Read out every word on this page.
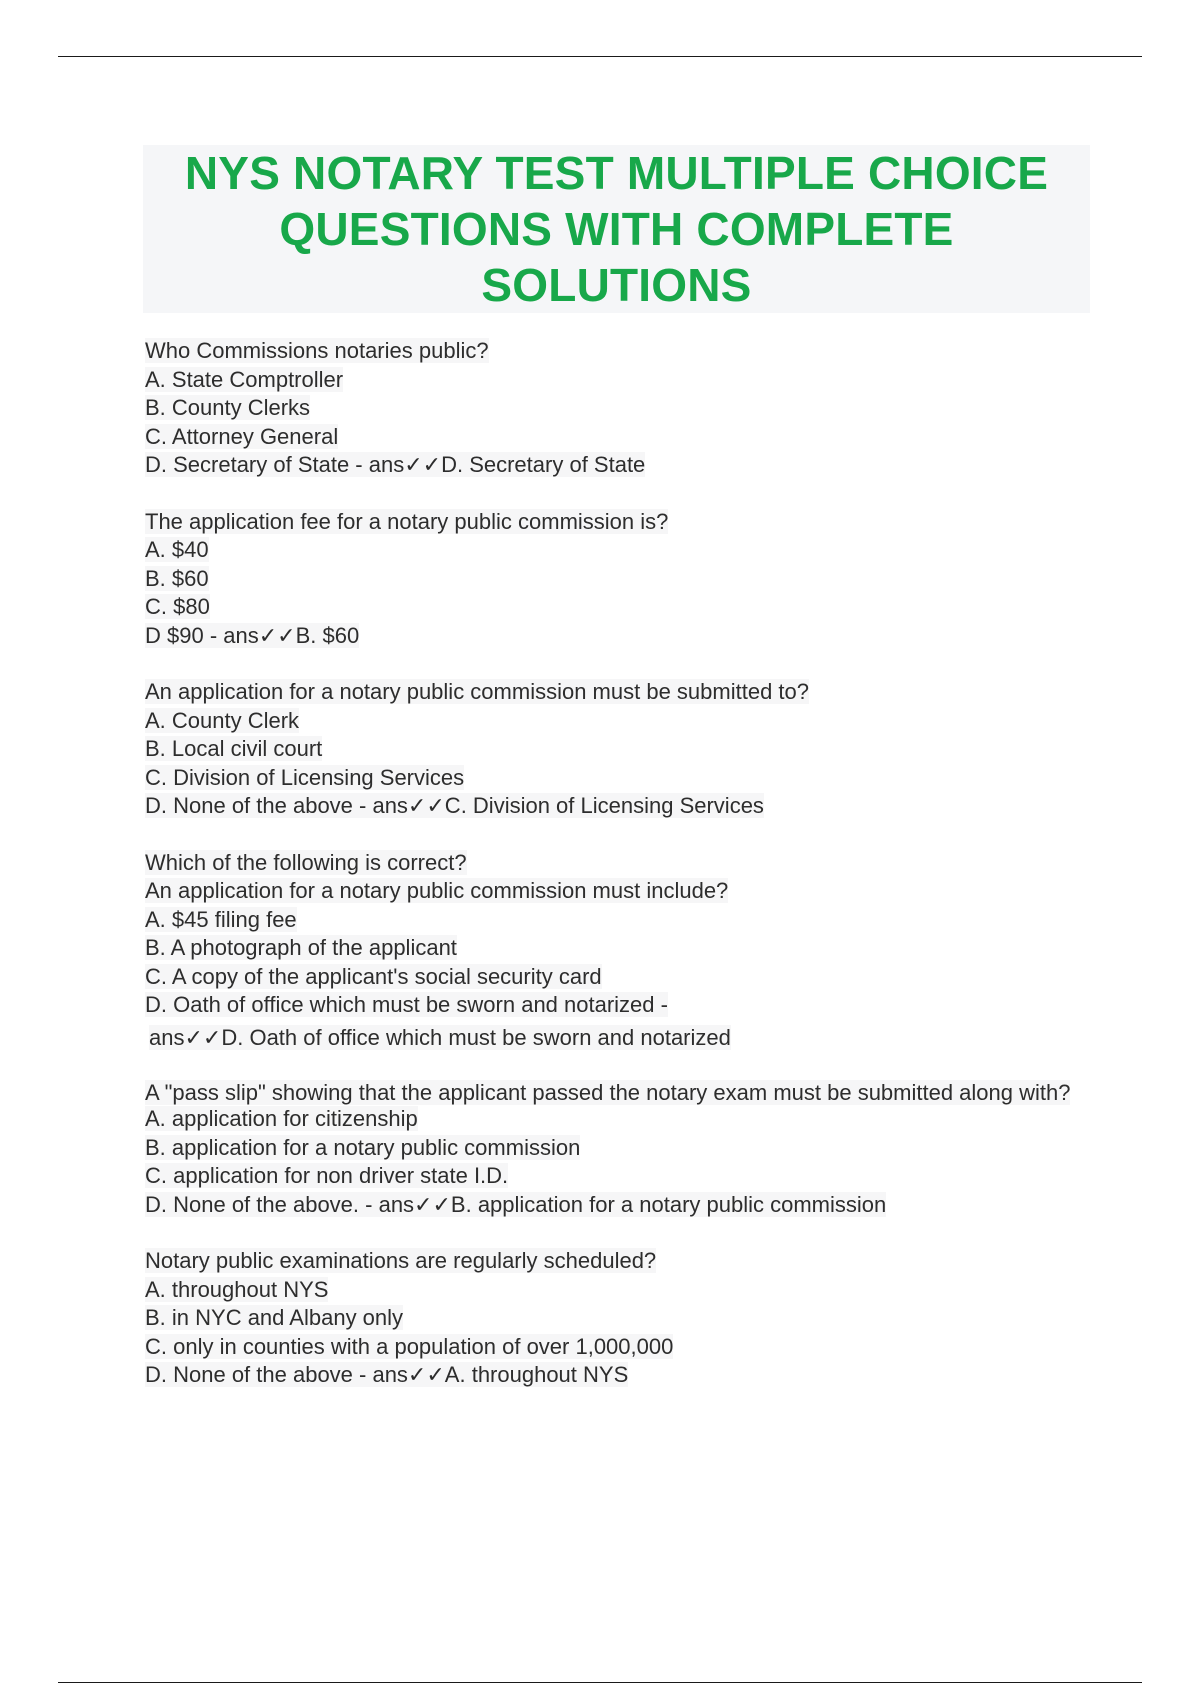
NYS NOTARY TEST MULTIPLE CHOICE
QUESTIONS WITH COMPLETE
SOLUTIONS
Who Commissions notaries public?
A. State Comptroller
B. County Clerks
C. Attorney General
D. Secretary of State - ans✓✓D. Secretary of State
The application fee for a notary public commission is?
A. $40
B. $60
C. $80
D $90 - ans✓✓B. $60
An application for a notary public commission must be submitted to?
A. County Clerk
B. Local civil court
C. Division of Licensing Services
D. None of the above - ans✓✓C. Division of Licensing Services
Which of the following is correct?
An application for a notary public commission must include?
A. $45 filing fee
B. A photograph of the applicant
C. A copy of the applicant's social security card
D. Oath of office which must be sworn and notarized -
ans✓✓D. Oath of office which must be sworn and notarized
A "pass slip" showing that the applicant passed the notary exam must be submitted along with?
A. application for citizenship
B. application for a notary public commission
C. application for non driver state I.D.
D. None of the above. - ans✓✓B. application for a notary public commission
Notary public examinations are regularly scheduled?
A. throughout NYS
B. in NYC and Albany only
C. only in counties with a population of over 1,000,000
D. None of the above - ans✓✓A. throughout NYS
